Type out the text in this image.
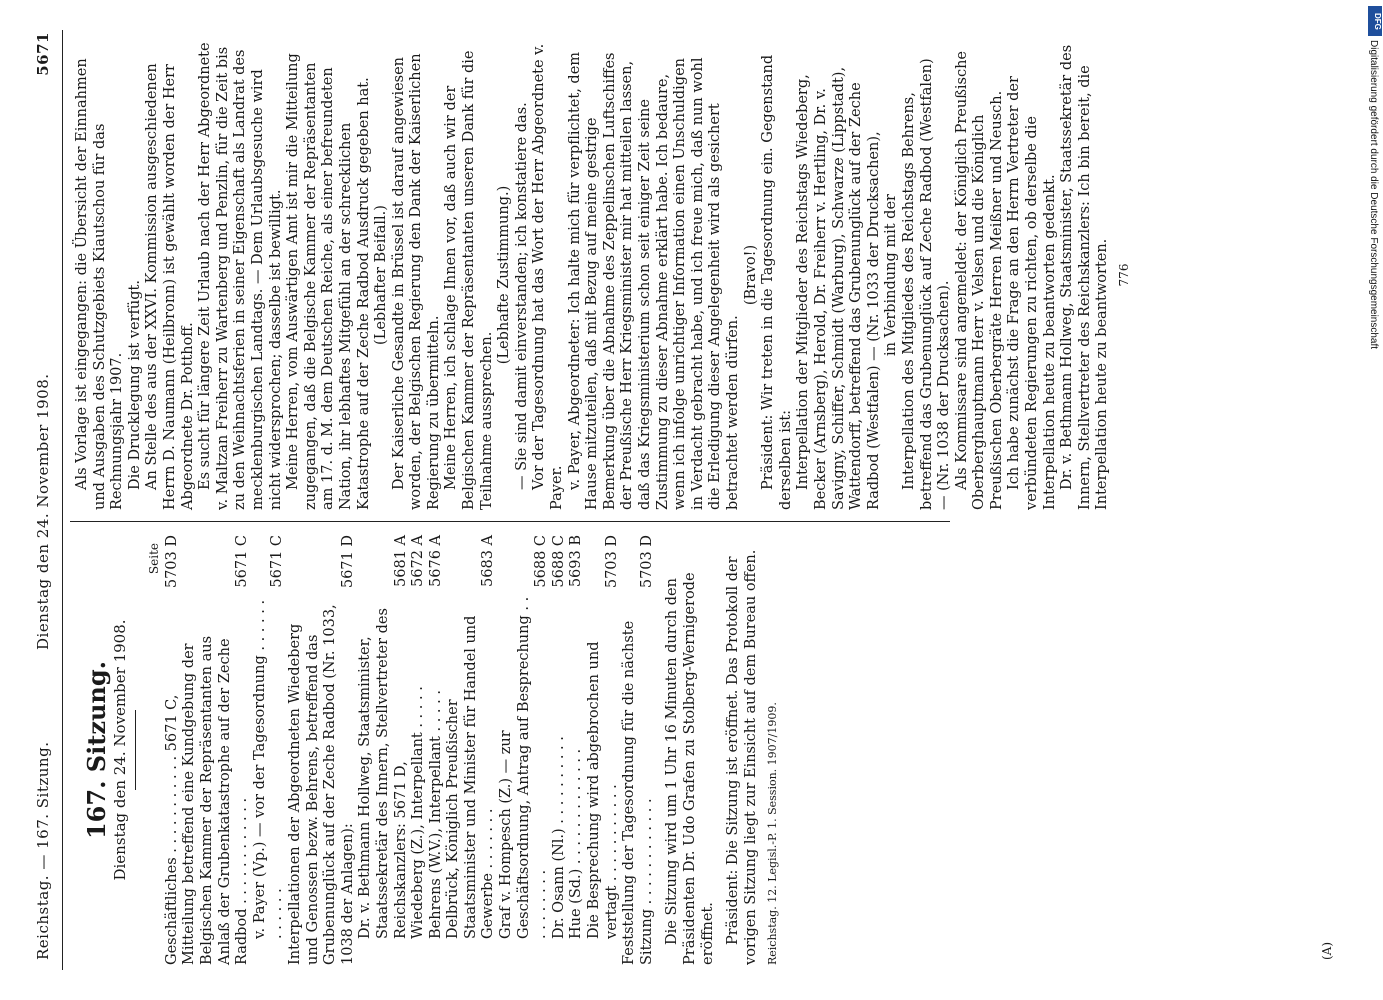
Reichstag. — 167. Sitzung.
Dienstag den 24. November 1908.
5671
(A)
167. Sitzung. Dienstag den 24. November 1908.
Seite
Geschäftliches . . . . . . . . . . . 5671 C,
5703 D
Mitteilung betreffend eine Kundgebung der Belgischen Kammer der Repräsentanten aus Anlaß der Grubenkatastrophe auf der Zeche Radbod . . . . . . . . . . . .
5671 C
v. Payer (Vp.) — vor der Tagesordnung . . . . . . . . . . . .
5671 C
Interpellationen der Abgeordneten Wiedeberg und Genossen bezw. Behrens, betreffend das Grubenunglück auf der Zeche Radbod (Nr. 1033, 1038 der Anlagen):
5671 D
Dr. v. Bethmann Hollweg, Staatsminister, Staatssekretär des Innern, Stellvertreter des Reichskanzlers: 5671 D,
5681 A
Wiedeberg (Z.), Interpellant . . . . .
5672 A
Behrens (W.V.), Interpellant . . . . .
5676 A
Delbrück, Königlich Preußischer Staatsminister und Minister für Handel und Gewerbe . . . . . . .
5683 A
Graf v. Hompesch (Z.) — zur Geschäftsordnung, Antrag auf Besprechung . . . . . . . . . .
5688 C
Dr. Osann (Nl.) . . . . . . . . . .
5688 C
Hue (Sd.) . . . . . . . . . . . . .
5693 B
Die Besprechung wird abgebrochen und vertagt . . . . . . . . . . .
5703 D
Feststellung der Tagesordnung für die nächste Sitzung . . . . . . . . . . . .
5703 D

Die Sitzung wird um 1 Uhr 16 Minuten durch den Präsidenten Dr. Udo Grafen zu Stolberg-Wernigerode eröffnet. Präsident: Die Sitzung ist eröffnet. Das Protokoll der vorigen Sitzung liegt zur Einsicht auf dem Bureau offen. Reichstag. 12. Legisl.-P. 1. Session. 1907/1909.

Als Vorlage ist eingegangen: die Übersicht der Einnahmen und Ausgaben des Schutzgebiets Kiautschou für das Rechnungsjahr 1907. Die Drucklegung ist verfügt. An Stelle des aus der XXVI. Kommission ausgeschiedenen Herrn D. Naumann (Heilbronn) ist gewählt worden der Herr Abgeordnete Dr. Potthoff. Es sucht für längere Zeit Urlaub nach der Herr Abgeordnete v. Maltzan Freiherr zu Wartenberg und Penzlin, für die Zeit bis zu den Weihnachtsferien in seiner Eigenschaft als Landrat des mecklenburgischen Landtags. — Dem Urlaubsgesuche wird nicht widersprochen; dasselbe ist bewilligt. Meine Herren, vom Auswärtigen Amt ist mir die Mitteilung zugegangen, daß die Belgische Kammer der Repräsentanten am 17. d. M. dem Deutschen Reiche, als einer befreundeten Nation, ihr lebhaftes Mitgefühl an der schrecklichen Katastrophe auf der Zeche Radbod Ausdruck gegeben hat. (Lebhafter Beifall.) Der Kaiserliche Gesandte in Brüssel ist darauf angewiesen worden, der Belgischen Regierung den Dank der Kaiserlichen Regierung zu übermitteln. Meine Herren, ich schlage Ihnen vor, daß auch wir der Belgischen Kammer der Repräsentanten unseren Dank für die Teilnahme aussprechen.

(Lebhafte Zustimmung.) — Sie sind damit einverstanden; ich konstatiere das. Vor der Tagesordnung hat das Wort der Herr Abgeordnete v. Payer. v. Payer, Abgeordneter: Ich halte mich für verpflichtet, dem Hause mitzuteilen, daß mit Bezug auf meine gestrige Bemerkung über die Abnahme des Zeppelinschen Luftschiffes der Preußische Herr Kriegsminister mir hat mitteilen lassen, daß das Kriegsministerium schon seit einiger Zeit seine Zustimmung zu dieser Abnahme erklärt habe. Ich bedaure, wenn ich infolge unrichtiger Information einen Unschuldigen in Verdacht gebracht habe, und ich freue mich, daß nun wohl die Erledigung dieser Angelegenheit wird als gesichert betrachtet werden dürfen.

(Bravo!) Präsident: Wir treten in die Tagesordnung ein. Gegenstand derselben ist: Interpellation der Mitglieder des Reichstags Wiedeberg, Becker (Arnsberg), Herold, Dr. Freiherr v. Hertling, Dr. v. Savigny, Schiffer, Schmidt (Warburg), Schwarze (Lippstadt), Wattendorff, betreffend das Grubenunglück auf der Zeche Radbod (Westfalen) — (Nr. 1033 der Drucksachen), in Verbindung mit der Interpellation des Mitgliedes des Reichstags Behrens, betreffend das Grubenunglück auf Zeche Radbod (Westfalen) — (Nr. 1038 der Drucksachen). Als Kommissare sind angemeldet: der Königlich Preußische Oberberghauptmann Herr v. Velsen und die Königlich Preußischen Oberbergräte Herren Meißner und Neusch. Ich habe zunächst die Frage an den Herrn Vertreter der verbündeten Regierungen zu richten, ob derselbe die Interpellation heute zu beantworten gedenkt. Dr. v. Bethmann Hollweg, Staatsminister, Staatssekretär des Innern, Stellvertreter des Reichskanzlers: Ich bin bereit, die Interpellation heute zu beantworten. 776
DFG
Digitalisierung gefördert durch die Deutsche Forschungsgemeinschaft
